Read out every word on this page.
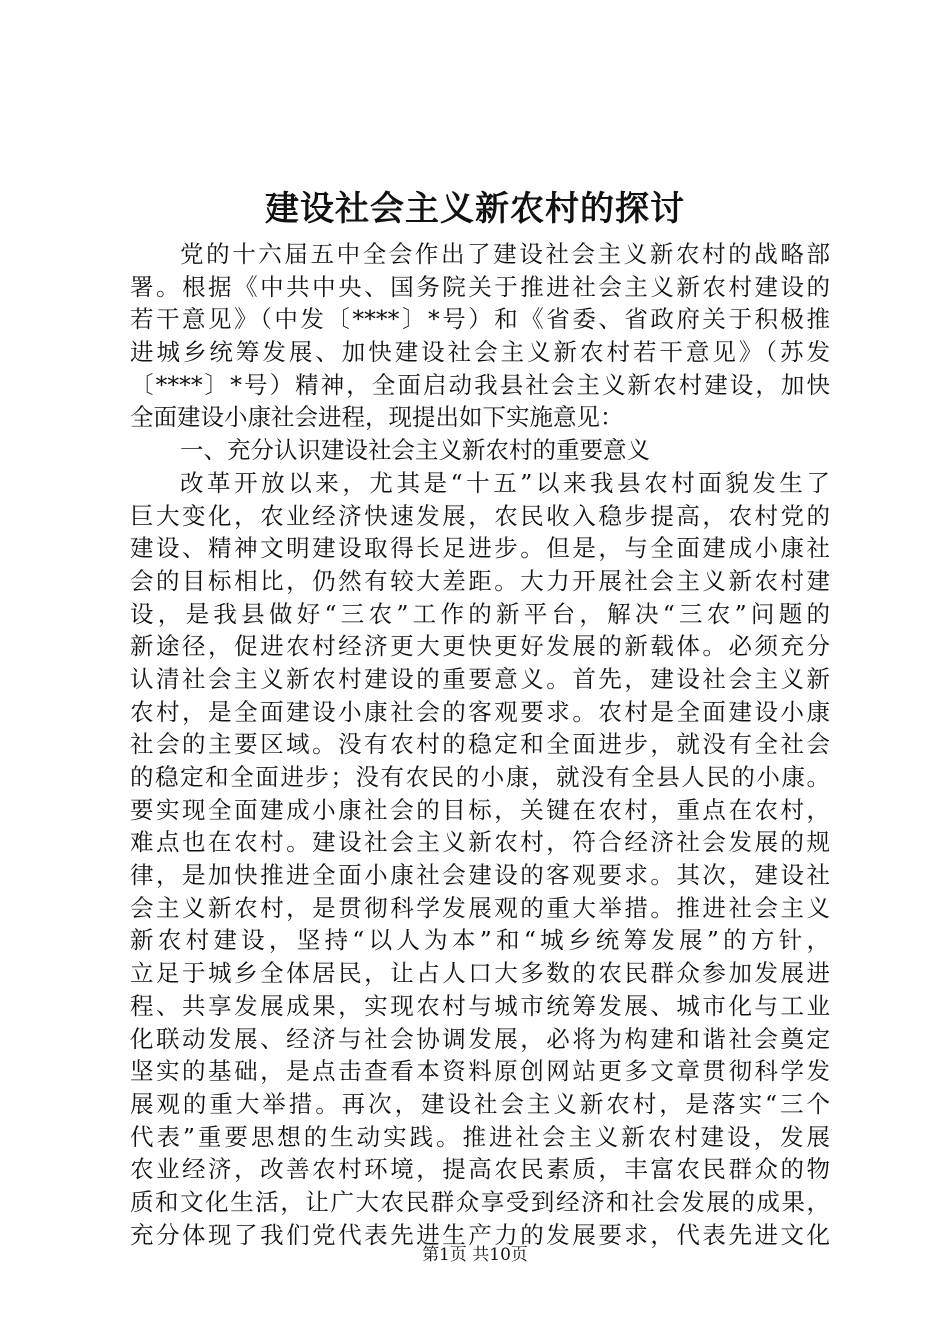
建设社会主义新农村的探讨
党的十六届五中全会作出了建设社会主义新农村的战略部
署。根据《中共中央、国务院关于推进社会主义新农村建设的
若干意见》（中发〔****〕*号）和《省委、省政府关于积极推
进城乡统筹发展、加快建设社会主义新农村若干意见》（苏发
〔****〕*号）精神，全面启动我县社会主义新农村建设，加快
全面建设小康社会进程，现提出如下实施意见：
一、充分认识建设社会主义新农村的重要意义
改革开放以来，尤其是“十五”以来我县农村面貌发生了
巨大变化，农业经济快速发展，农民收入稳步提高，农村党的
建设、精神文明建设取得长足进步。但是，与全面建成小康社
会的目标相比，仍然有较大差距。大力开展社会主义新农村建
设，是我县做好“三农”工作的新平台，解决“三农”问题的
新途径，促进农村经济更大更快更好发展的新载体。必须充分
认清社会主义新农村建设的重要意义。首先，建设社会主义新
农村，是全面建设小康社会的客观要求。农村是全面建设小康
社会的主要区域。没有农村的稳定和全面进步，就没有全社会
的稳定和全面进步；没有农民的小康，就没有全县人民的小康。
要实现全面建成小康社会的目标，关键在农村，重点在农村，
难点也在农村。建设社会主义新农村，符合经济社会发展的规
律，是加快推进全面小康社会建设的客观要求。其次，建设社
会主义新农村，是贯彻科学发展观的重大举措。推进社会主义
新农村建设，坚持“以人为本”和“城乡统筹发展”的方针，
立足于城乡全体居民，让占人口大多数的农民群众参加发展进
程、共享发展成果，实现农村与城市统筹发展、城市化与工业
化联动发展、经济与社会协调发展，必将为构建和谐社会奠定
坚实的基础，是点击查看本资料原创网站更多文章贯彻科学发
展观的重大举措。再次，建设社会主义新农村，是落实“三个
代表”重要思想的生动实践。推进社会主义新农村建设，发展
农业经济，改善农村环境，提高农民素质，丰富农民群众的物
质和文化生活，让广大农民群众享受到经济和社会发展的成果，
充分体现了我们党代表先进生产力的发展要求，代表先进文化
第1页 共10页
